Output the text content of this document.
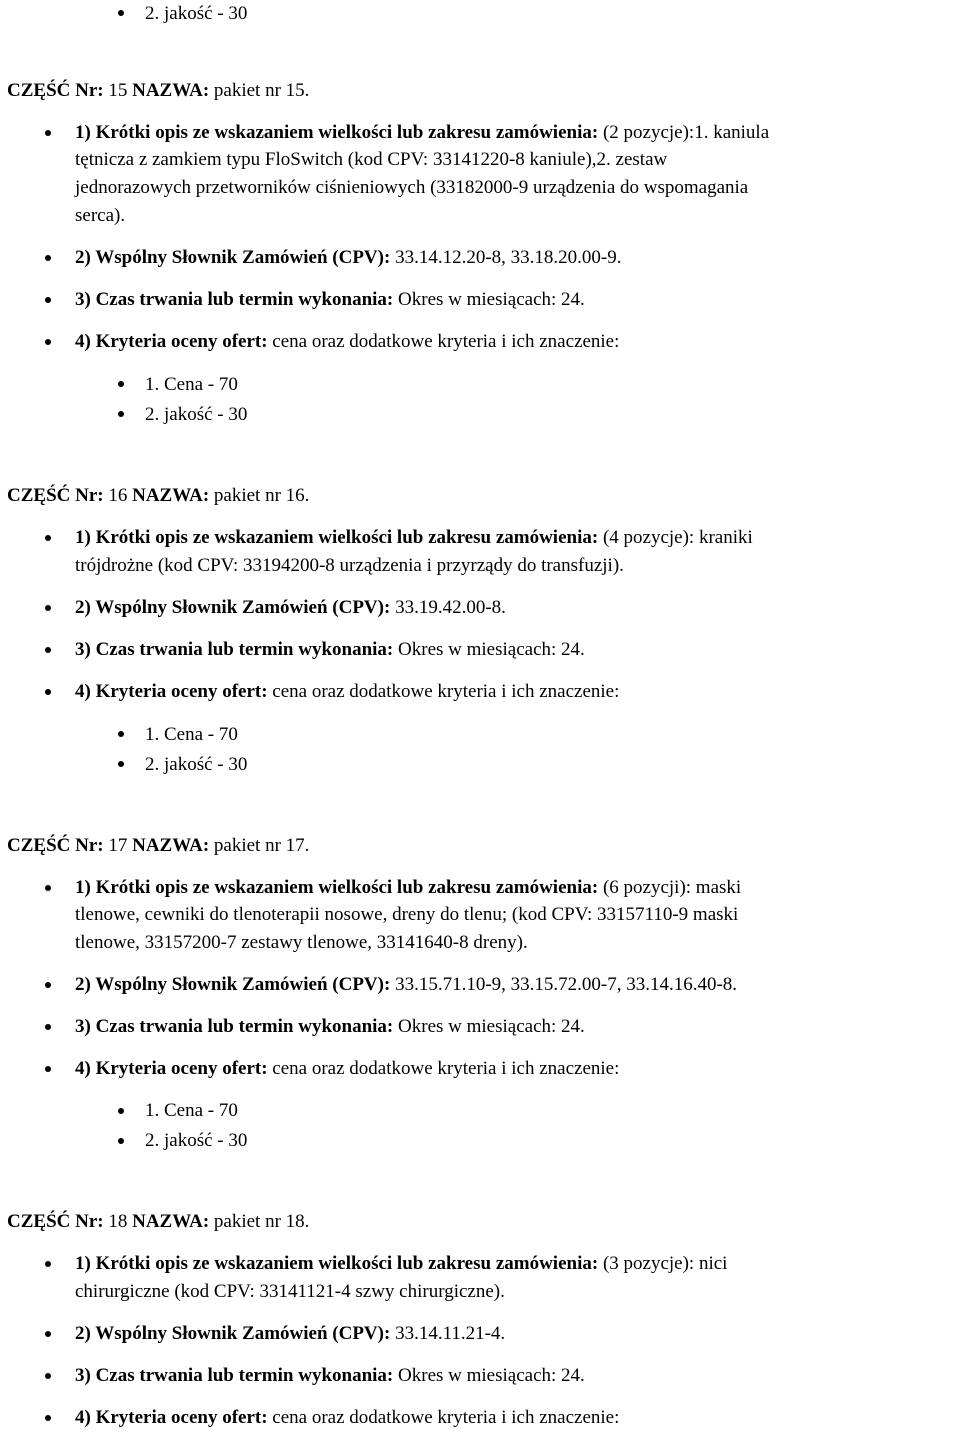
2. jakość - 30
CZĘŚĆ Nr: 15 NAZWA: pakiet nr 15.
1) Krótki opis ze wskazaniem wielkości lub zakresu zamówienia: (2 pozycje):1. kaniula
tętnicza z zamkiem typu FloSwitch (kod CPV: 33141220-8 kaniule),2. zestaw
jednorazowych przetworników ciśnieniowych (33182000-9 urządzenia do wspomagania
serca).
2) Wspólny Słownik Zamówień (CPV): 33.14.12.20-8, 33.18.20.00-9.
3) Czas trwania lub termin wykonania: Okres w miesiącach: 24.
4) Kryteria oceny ofert: cena oraz dodatkowe kryteria i ich znaczenie:
1. Cena - 70
2. jakość - 30
CZĘŚĆ Nr: 16 NAZWA: pakiet nr 16.
1) Krótki opis ze wskazaniem wielkości lub zakresu zamówienia: (4 pozycje): kraniki
trójdrożne (kod CPV: 33194200-8 urządzenia i przyrządy do transfuzji).
2) Wspólny Słownik Zamówień (CPV): 33.19.42.00-8.
3) Czas trwania lub termin wykonania: Okres w miesiącach: 24.
4) Kryteria oceny ofert: cena oraz dodatkowe kryteria i ich znaczenie:
1. Cena - 70
2. jakość - 30
CZĘŚĆ Nr: 17 NAZWA: pakiet nr 17.
1) Krótki opis ze wskazaniem wielkości lub zakresu zamówienia: (6 pozycji): maski
tlenowe, cewniki do tlenoterapii nosowe, dreny do tlenu; (kod CPV: 33157110-9 maski
tlenowe, 33157200-7 zestawy tlenowe, 33141640-8 dreny).
2) Wspólny Słownik Zamówień (CPV): 33.15.71.10-9, 33.15.72.00-7, 33.14.16.40-8.
3) Czas trwania lub termin wykonania: Okres w miesiącach: 24.
4) Kryteria oceny ofert: cena oraz dodatkowe kryteria i ich znaczenie:
1. Cena - 70
2. jakość - 30
CZĘŚĆ Nr: 18 NAZWA: pakiet nr 18.
1) Krótki opis ze wskazaniem wielkości lub zakresu zamówienia: (3 pozycje): nici
chirurgiczne (kod CPV: 33141121-4 szwy chirurgiczne).
2) Wspólny Słownik Zamówień (CPV): 33.14.11.21-4.
3) Czas trwania lub termin wykonania: Okres w miesiącach: 24.
4) Kryteria oceny ofert: cena oraz dodatkowe kryteria i ich znaczenie:
